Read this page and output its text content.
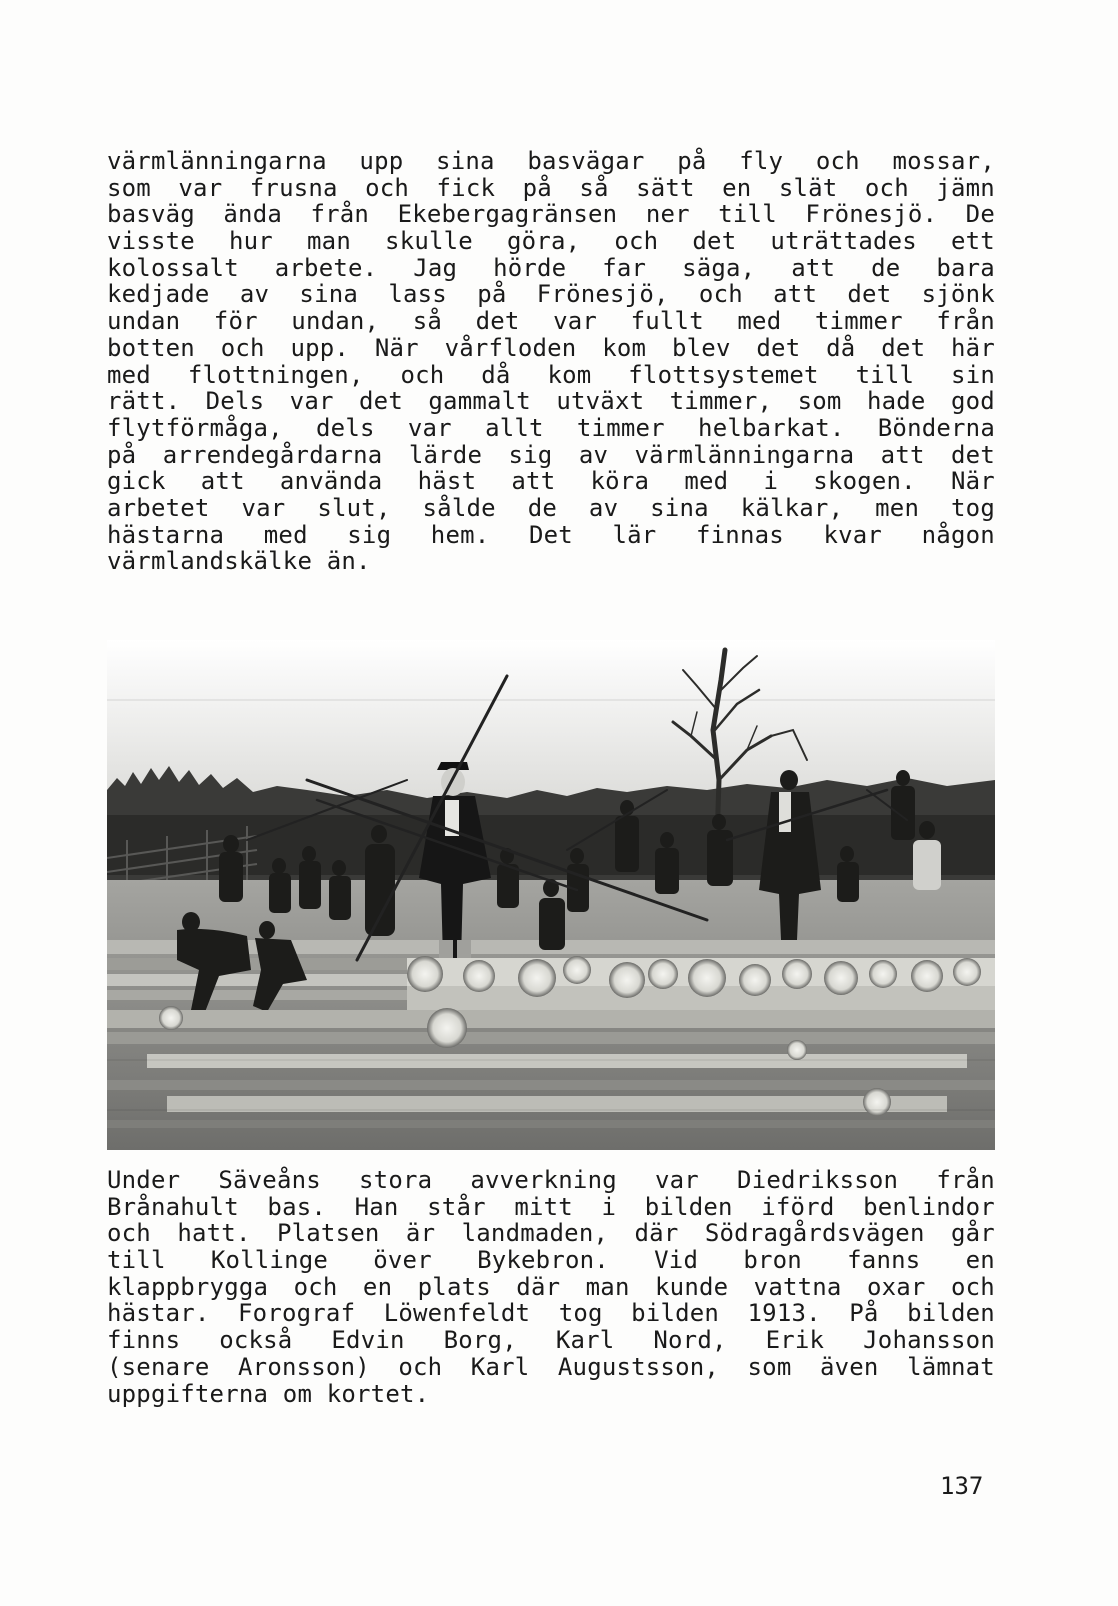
värmlänningarna upp sina basvägar på fly och mossar,
som var frusna och fick på så sätt en slät och jämn
basväg ända från Ekebergagränsen ner till Frönesjö. De
visste hur man skulle göra, och det uträttades ett
kolossalt arbete. Jag hörde far säga, att de bara
kedjade av sina lass på Frönesjö, och att det sjönk
undan för undan, så det var fullt med timmer från
botten och upp. När vårfloden kom blev det då det här
med flottningen, och då kom flottsystemet till sin
rätt. Dels var det gammalt utväxt timmer, som hade god
flytförmåga, dels var allt timmer helbarkat. Bönderna
på arrendegårdarna lärde sig av värmlänningarna att det
gick att använda häst att köra med i skogen. När
arbetet var slut, sålde de av sina kälkar, men tog
hästarna med sig hem. Det lär finnas kvar någon
värmlandskälke än.
Under Säveåns stora avverkning var Diedriksson från
Brånahult bas. Han står mitt i bilden iförd benlindor
och hatt. Platsen är landmaden, där Södragårdsvägen går
till Kollinge över Bykebron. Vid bron fanns en
klappbrygga och en plats där man kunde vattna oxar och
hästar. Forograf Löwenfeldt tog bilden 1913. På bilden
finns också Edvin Borg, Karl Nord, Erik Johansson
(senare Aronsson) och Karl Augustsson, som även lämnat
uppgifterna om kortet.
137
